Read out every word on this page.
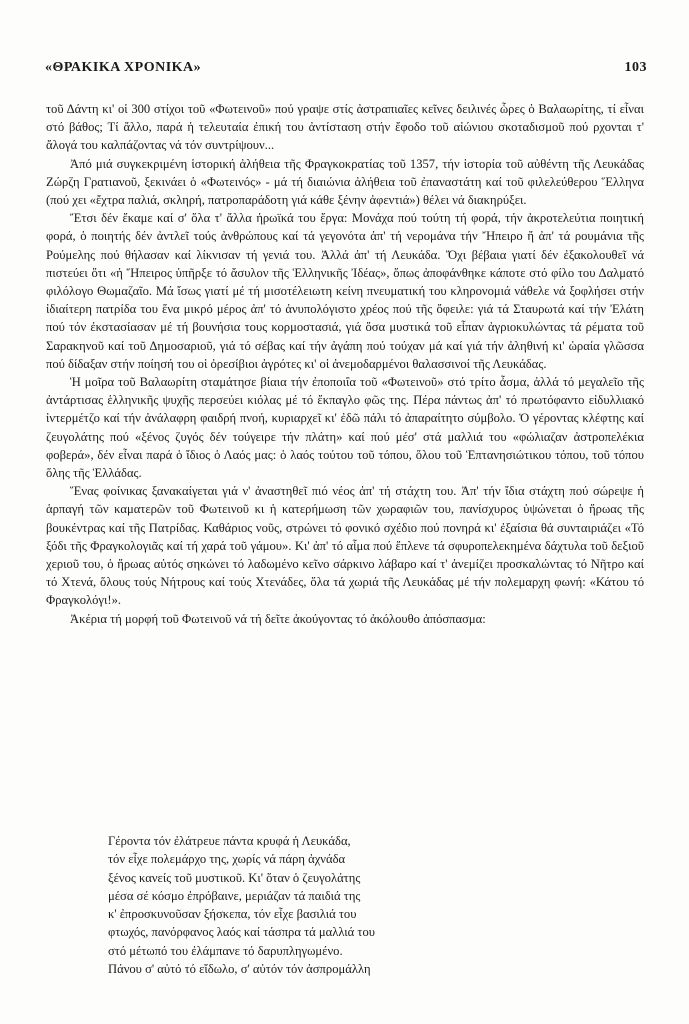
«ΘΡΑΚΙΚΑ ΧΡΟΝΙΚΑ»	103

τοῦ Δάντη κι' οἱ 300 στίχοι τοῦ «Φωτεινοῦ» πού γραψε στίς ἀστραπιαῖες κεῖνες δειλινές ὧρες ὁ Βαλαωρίτης, τί εἶναι στό βάθος; Τί ἄλλο, παρά ἡ τελευταία ἐπική του ἀντίσταση στήν ἔφοδο τοῦ αἰώνιου σκοταδισμοῦ πού ρχονται τ' ἄλογά του καλπάζοντας νά τόν συντρίψουν...

Ἀπό μιά συγκεκριμένη ἱστορική ἀλήθεια τῆς Φραγκοκρατίας τοῦ 1357, τήν ἱστορία τοῦ αὐθέντη τῆς Λευκάδας Ζώρζη Γρατιανοῦ, ξεκινάει ὁ «Φωτεινός» - μά τή διαιώνια ἀλήθεια τοῦ ἐπαναστάτη καί τοῦ φιλελεύθερου Ἕλληνα (πού χει «ἔχτρα παλιά, σκληρή, πατροπαράδοτη γιά κάθε ξένην ἀφεντιά») θέλει νά διακηρύξει.

Ἔτσι δέν ἔκαμε καί σ' ὅλα τ' ἄλλα ἡρωϊκά του ἔργα: Μονάχα πού τούτη τή φορά, τήν ἀκροτελεύτια ποιητική φορά, ὁ ποιητής δέν ἀντλεῖ τούς ἀνθρώπους καί τά γεγονότα ἀπ' τή νερομάνα τήν Ἤπειρο ἤ ἀπ' τά ρουμάνια τῆς Ρούμελης πού θήλασαν καί λίκνισαν τή γενιά του. Ἀλλά ἀπ' τή Λευκάδα. Ὄχι βέβαια γιατί δέν ἐξακολουθεῖ νά πιστεύει ὅτι «ἡ Ἤπειρος ὑπῆρξε τό ἄσυλον τῆς Ἑλληνικῆς Ἰδέας», ὅπως ἀποφάνθηκε κάποτε στό φίλο του Δαλματό φιλόλογο Θωμαζαῖο. Μά ἴσως γιατί μέ τή μισοτέλειωτη κείνη πνευματική του κληρονομιά νάθελε νά ξοφλήσει στήν ἰδιαίτερη πατρίδα του ἕνα μικρό μέρος ἀπ' τό ἀνυπολόγιστο χρέος πού τῆς ὄφειλε: γιά τά Σταυρωτά καί τήν Ἐλάτη πού τόν ἐκστασίασαν μέ τή βουνήσια τους κορμοστασιά, γιά ὅσα μυστικά τοῦ εἶπαν ἀγριοκυλώντας τά ρέματα τοῦ Σαρακηνοῦ καί τοῦ Δημοσαριοῦ, γιά τό σέβας καί τήν ἀγάπη πού τούχαν μά καί γιά τήν ἀληθινή κι' ὡραία γλῶσσα πού δίδαξαν στήν ποίησή του οἱ ὀρεσίβιοι ἀγρότες κι' οἱ ἀνεμοδαρμένοι θαλασσινοί τῆς Λευκάδας.

Ἡ μοῖρα τοῦ Βαλαωρίτη σταμάτησε βίαια τήν ἐποποιΐα τοῦ «Φωτεινοῦ» στό τρίτο ἆσμα, ἀλλά τό μεγαλεῖο τῆς ἀντάρτισας ἑλληνικῆς ψυχῆς περσεύει κιόλας μέ τό ἔκπαγλο φῶς της. Πέρα πάντως ἀπ' τό πρωτόφαντο εἰδυλλιακό ἰντερμέτζο καί τήν ἀνάλαφρη φαιδρή πνοή, κυριαρχεῖ κι' ἐδῶ πάλι τό ἀπαραίτητο σύμβολο. Ὁ γέροντας κλέφτης καί ζευγολάτης πού «ξένος ζυγός δέν τούγειρε τήν πλάτη» καί πού μέσ' στά μαλλιά του «φώλιαζαν ἀστροπελέκια φοβερά», δέν εἶναι παρά ὁ ἴδιος ὁ Λαός μας: ὁ λαός τούτου τοῦ τόπου, ὅλου τοῦ Ἑπτανησιώτικου τόπου, τοῦ τόπου ὅλης τῆς Ἑλλάδας.

Ἕνας φοίνικας ξανακαίγεται γιά ν' ἀναστηθεῖ πιό νέος ἀπ' τή στάχτη του. Ἀπ' τήν ἴδια στάχτη πού σώρεψε ἡ ἁρπαγή τῶν καματερῶν τοῦ Φωτεινοῦ κι ἡ κατερήμωση τῶν χωραφιῶν του, πανίσχυρος ὑψώνεται ὁ ἥρωας τῆς βουκέντρας καί τῆς Πατρίδας. Καθάριος νοῦς, στρώνει τό φονικό σχέδιο πού πονηρά κι' ἐξαίσια θά συνταιριάζει «Τό ξόδι τῆς Φραγκολογιᾶς καί τή χαρά τοῦ γάμου». Κι' ἀπ' τό αἷμα πού ἔπλενε τά σφυροπελεκημένα δάχτυλα τοῦ δεξιοῦ χεριοῦ του, ὁ ἥρωας αὐτός σηκώνει τό λαδωμένο κεῖνο σάρκινο λάβαρο καί τ' ἀνεμίζει προσκαλώντας τό Νῆτρο καί τό Χτενά, ὅλους τούς Νήτρους καί τούς Χτενάδες, ὅλα τά χωριά τῆς Λευκάδας μέ τήν πολεμαρχη φωνή: «Κάτου τό Φραγκολόγι!».

Ἀκέρια τή μορφή τοῦ Φωτεινοῦ νά τή δεῖτε ἀκούγοντας τό ἀκόλουθο ἀπόσπασμα:

Γέροντα τόν ἐλάτρευε πάντα κρυφά ἡ Λευκάδα,
τόν εἶχε πολεμάρχο της, χωρίς νά πάρη ἀχνάδα
ξένος κανείς τοῦ μυστικοῦ. Κι' ὅταν ὁ ζευγολάτης
μέσα σέ κόσμο ἐπρόβαινε, μεριάζαν τά παιδιά της
κ' ἐπροσκυνοῦσαν ξήσκεπα, τόν εἶχε βασιλιά του
φτωχός, πανόρφανος λαός καί τάσπρα τά μαλλιά του
στό μέτωπό του ἐλάμπανε τό δαρυπληγωμένο.
Πάνου σ' αὐτό τό εἴδωλο, σ' αὐτόν τόν ἀσπρομάλλη
